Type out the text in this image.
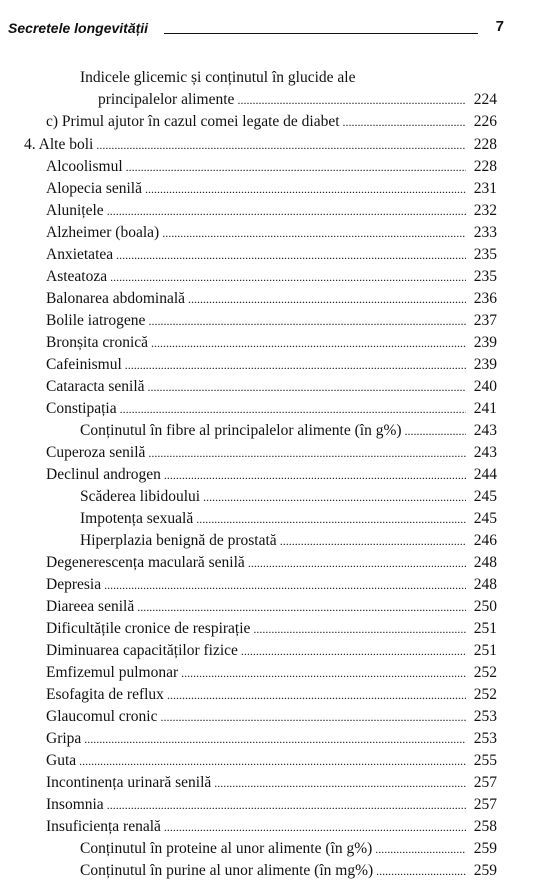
Secretele longevității	7
Indicele glicemic și conținutul în glucide ale
principalelor alimente . . .	224
c) Primul ajutor în cazul comei legate de diabet . . .	226
4. Alte boli . . .	228
Alcoolismul . . .	228
Alopecia senilă . . .	231
Alunițele . . .	232
Alzheimer (boala) . . .	233
Anxietatea . . .	235
Asteatoza . . .	235
Balonarea abdominală . . .	236
Bolile iatrogene . . .	237
Bronșita cronică . . .	239
Cafeinismul . . .	239
Cataracta senilă . . .	240
Constipația . . .	241
Conținutul în fibre al principalelor alimente (în g%) . . .	243
Cuperoza senilă . . .	243
Declinul androgen . . .	244
Scăderea libidoului . . .	245
Impotența sexuală . . .	245
Hiperplazia benignă de prostată . . .	246
Degenerescența maculară senilă . . .	248
Depresia . . .	248
Diareea senilă . . .	250
Dificultățile cronice de respirație . . .	251
Diminuarea capacităților fizice . . .	251
Emfizemul pulmonar . . .	252
Esofagita de reflux . . .	252
Glaucomul cronic . . .	253
Gripa . . .	253
Guta . . .	255
Incontinența urinară senilă . . .	257
Insomnia . . .	257
Insuficiența renală . . .	258
Conținutul în proteine al unor alimente (în g%) . . .	259
Conținutul în purine al unor alimente (în mg%) . . .	259
